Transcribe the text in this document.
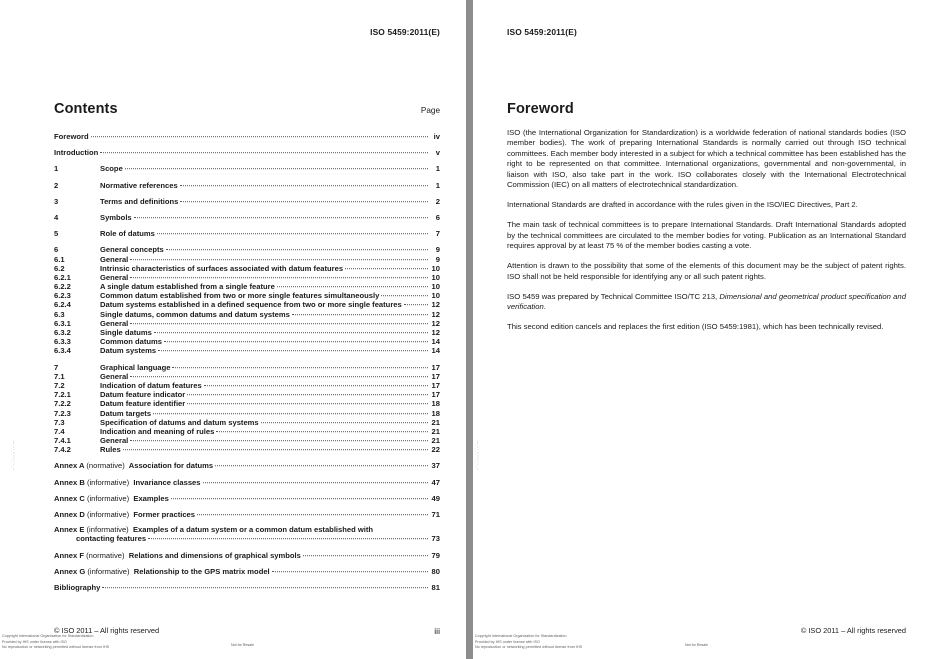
ISO 5459:2011(E)
Contents	Page
Foreword	iv
Introduction	v
1	Scope	1
2	Normative references	1
3	Terms and definitions	2
4	Symbols	6
5	Role of datums	7
6	General concepts	9
6.1	General	9
6.2	Intrinsic characteristics of surfaces associated with datum features	10
6.2.1	General	10
6.2.2	A single datum established from a single feature	10
6.2.3	Common datum established from two or more single features simultaneously	10
6.2.4	Datum systems established in a defined sequence from two or more single features	12
6.3	Single datums, common datums and datum systems	12
6.3.1	General	12
6.3.2	Single datums	12
6.3.3	Common datums	14
6.3.4	Datum systems	14
7	Graphical language	17
7.1	General	17
7.2	Indication of datum features	17
7.2.1	Datum feature indicator	17
7.2.2	Datum feature identifier	18
7.2.3	Datum targets	18
7.3	Specification of datums and datum systems	21
7.4	Indication and meaning of rules	21
7.4.1	General	21
7.4.2	Rules	22
Annex A (normative) Association for datums	37
Annex B (informative) Invariance classes	47
Annex C (informative) Examples	49
Annex D (informative) Former practices	71
Annex E (informative) Examples of a datum system or a common datum established with
contacting features	73
Annex F (normative) Relations and dimensions of graphical symbols	79
Annex G (informative) Relationship to the GPS matrix model	80
Bibliography	81
© ISO 2011 – All rights reserved	iii
Copyright International Organization for Standardization
Provided by IHS under license with ISO
No reproduction or networking permitted without license from IHS
Not for Resale
--``,,`,`,,,`,,`,`,,`---
ISO 5459:2011(E)
Foreword

ISO (the International Organization for Standardization) is a worldwide federation of national standards bodies (ISO member bodies). The work of preparing International Standards is normally carried out through ISO technical committees. Each member body interested in a subject for which a technical committee has been established has the right to be represented on that committee. International organizations, governmental and non-governmental, in liaison with ISO, also take part in the work. ISO collaborates closely with the International Electrotechnical Commission (IEC) on all matters of electrotechnical standardization.

International Standards are drafted in accordance with the rules given in the ISO/IEC Directives, Part 2.

The main task of technical committees is to prepare International Standards. Draft International Standards adopted by the technical committees are circulated to the member bodies for voting. Publication as an International Standard requires approval by at least 75 % of the member bodies casting a vote.

Attention is drawn to the possibility that some of the elements of this document may be the subject of patent rights. ISO shall not be held responsible for identifying any or all such patent rights.

ISO 5459 was prepared by Technical Committee ISO/TC 213, Dimensional and geometrical product specification and verification.

This second edition cancels and replaces the first edition (ISO 5459:1981), which has been technically revised.

© ISO 2011 – All rights reserved
Copyright International Organization for Standardization
Provided by IHS under license with ISO
No reproduction or networking permitted without license from IHS
Not for Resale
--``,,`,`,,,`,,`,`,,`---
